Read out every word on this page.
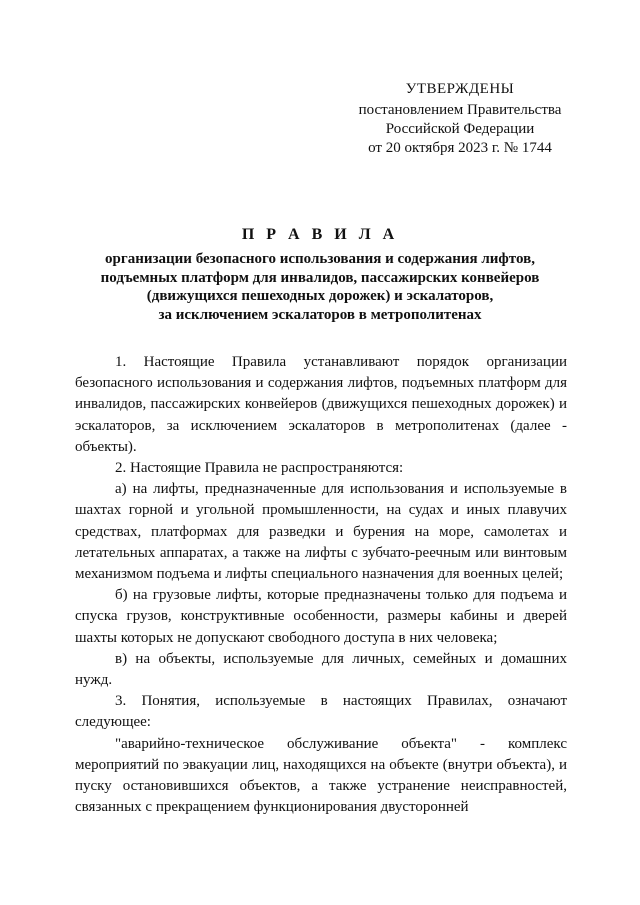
УТВЕРЖДЕНЫ
постановлением Правительства
Российской Федерации
от 20 октября 2023 г. № 1744
П Р А В И Л А
организации безопасного использования и содержания лифтов,
подъемных платформ для инвалидов, пассажирских конвейеров
(движущихся пешеходных дорожек) и эскалаторов,
за исключением эскалаторов в метрополитенах

1. Настоящие Правила устанавливают порядок организации безопасного использования и содержания лифтов, подъемных платформ для инвалидов, пассажирских конвейеров (движущихся пешеходных дорожек) и эскалаторов, за исключением эскалаторов в метрополитенах (далее - объекты).

2. Настоящие Правила не распространяются:

а) на лифты, предназначенные для использования и используемые в шахтах горной и угольной промышленности, на судах и иных плавучих средствах, платформах для разведки и бурения на море, самолетах и летательных аппаратах, а также на лифты с зубчато-реечным или винтовым механизмом подъема и лифты специального назначения для военных целей;

б) на грузовые лифты, которые предназначены только для подъема и спуска грузов, конструктивные особенности, размеры кабины и дверей шахты которых не допускают свободного доступа в них человека;

в) на объекты, используемые для личных, семейных и домашних нужд.

3. Понятия, используемые в настоящих Правилах, означают следующее:

"аварийно-техническое обслуживание объекта" - комплекс мероприятий по эвакуации лиц, находящихся на объекте (внутри объекта), и пуску остановившихся объектов, а также устранение неисправностей, связанных с прекращением функционирования двусторонней
